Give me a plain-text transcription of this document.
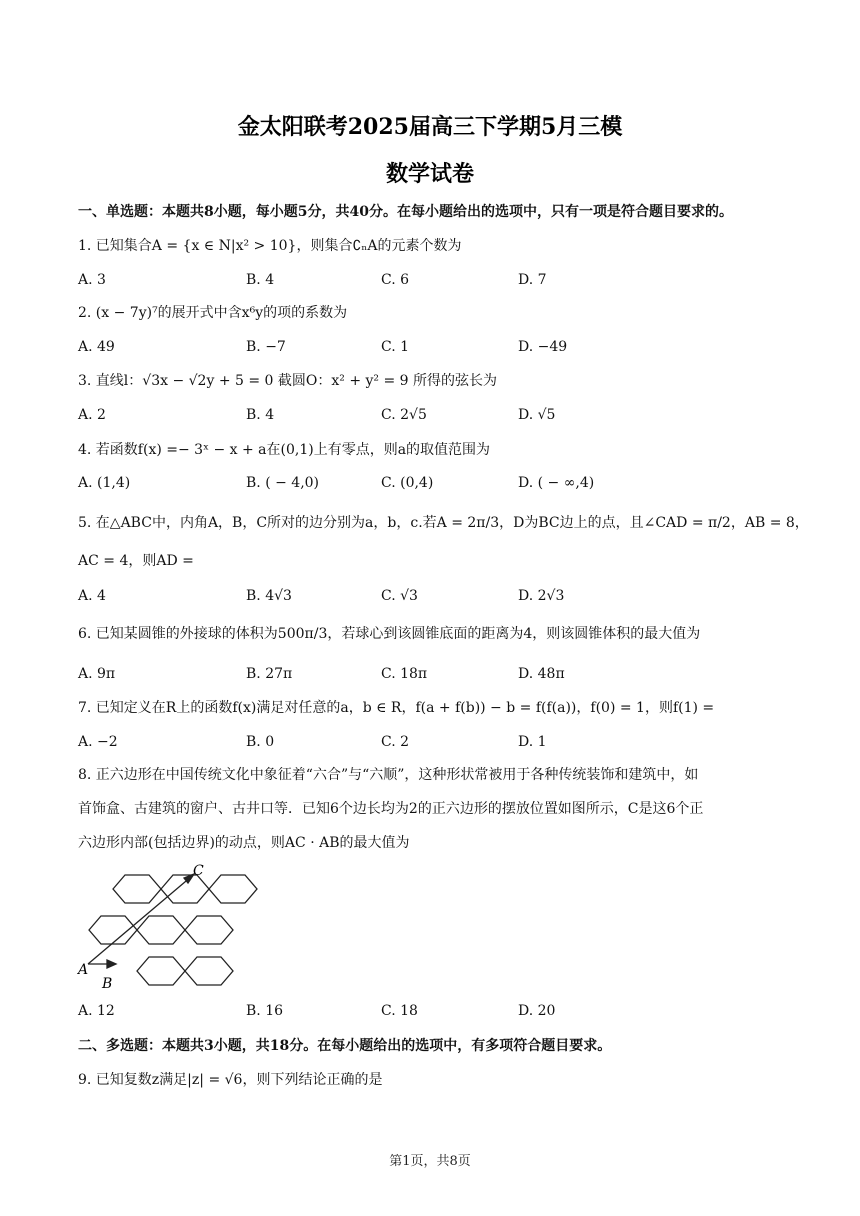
金太阳联考2025届高三下学期5月三模
数学试卷
一、单选题：本题共8小题，每小题5分，共40分。在每小题给出的选项中，只有一项是符合题目要求的。
1. 已知集合A = {x ∈ N|x² > 10}，则集合∁ₙA的元素个数为
A. 3	B. 4	C. 6	D. 7
2. (x − 7y)⁷的展开式中含x⁶y的项的系数为
A. 49	B. −7	C. 1	D. −49
3. 直线l：√3x − √2y + 5 = 0 截圆O：x² + y² = 9 所得的弦长为
A. 2	B. 4	C. 2√5	D. √5
4. 若函数f(x) =− 3ˣ − x + a在(0,1)上有零点，则a的取值范围为
A. (1,4)	B. ( − 4,0)	C. (0,4)	D. ( − ∞,4)
5. 在△ABC中，内角A，B，C所对的边分别为a，b，c.若A = 2π/3，D为BC边上的点，且∠CAD = π/2，AB = 8，
AC = 4，则AD =
A. 4	B. 4√3	C. √3	D. 2√3
6. 已知某圆锥的外接球的体积为500π/3，若球心到该圆锥底面的距离为4，则该圆锥体积的最大值为
A. 9π	B. 27π	C. 18π	D. 48π
7. 已知定义在R上的函数f(x)满足对任意的a，b ∈ R，f(a + f(b)) − b = f(f(a))，f(0) = 1，则f(1) =
A. −2	B. 0	C. 2	D. 1
8. 正六边形在中国传统文化中象征着“六合”与“六顺”，这种形状常被用于各种传统装饰和建筑中，如
首饰盒、古建筑的窗户、古井口等．已知6个边长均为2的正六边形的摆放位置如图所示，C是这6个正
六边形内部(包括边界)的动点，则AC · AB的最大值为
A
B
C
A. 12	B. 16	C. 18	D. 20
二、多选题：本题共3小题，共18分。在每小题给出的选项中，有多项符合题目要求。
9. 已知复数z满足|z| = √6，则下列结论正确的是
第1页，共8页
